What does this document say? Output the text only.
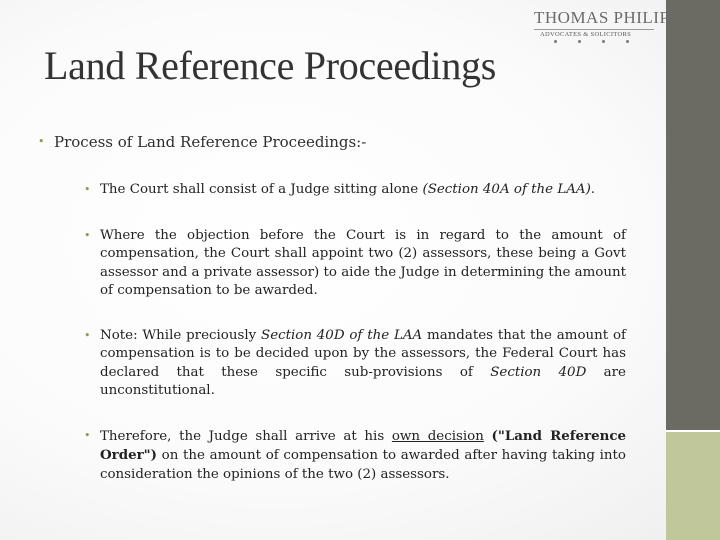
THOMAS PHILIP
ADVOCATES & SOLICITORS
Land Reference Proceedings
• Process of Land Reference Proceedings:-
• The Court shall consist of a Judge sitting alone (Section 40A of the LAA).
• Where the objection before the Court is in regard to the amount of compensation, the Court shall appoint two (2) assessors, these being a Govt assessor and a private assessor) to aide the Judge in determining the amount of compensation to be awarded.
• Note: While preciously Section 40D of the LAA mandates that the amount of compensation is to be decided upon by the assessors, the Federal Court has declared that these specific sub-provisions of Section 40D are unconstitutional.
• Therefore, the Judge shall arrive at his own decision ("Land Reference Order") on the amount of compensation to awarded after having taking into consideration the opinions of the two (2) assessors.
